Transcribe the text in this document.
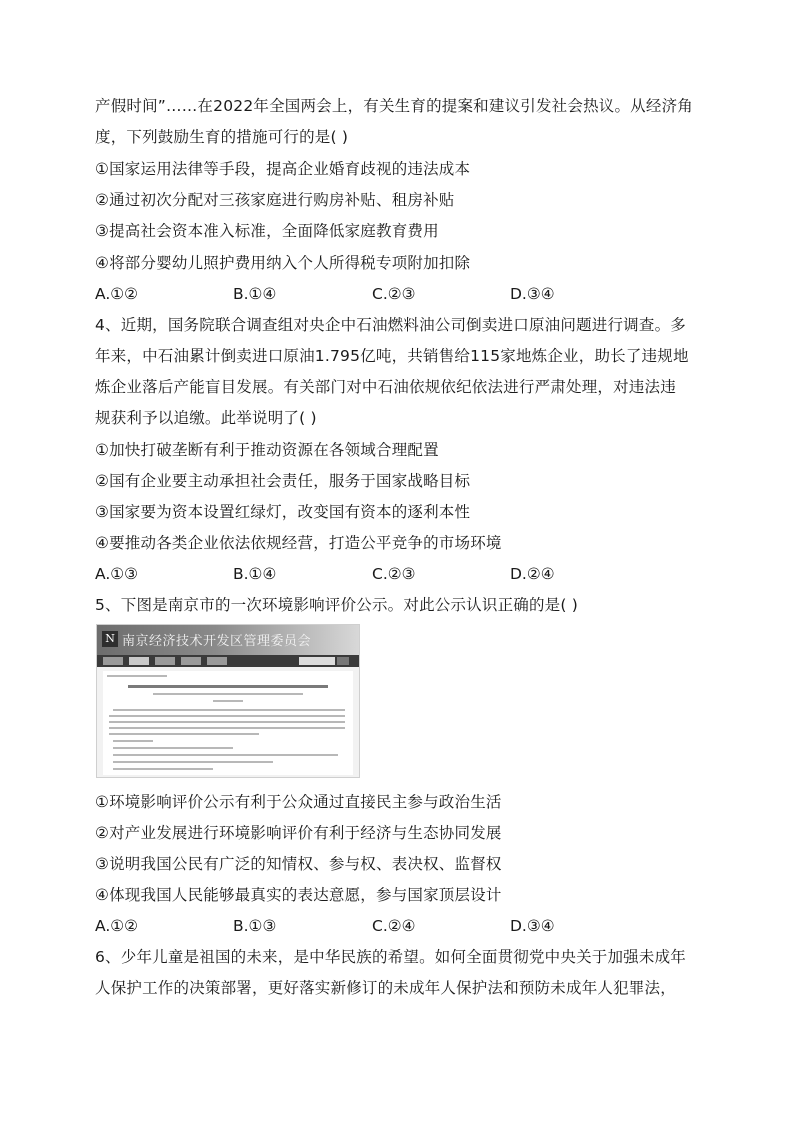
产假时间”……在2022年全国两会上，有关生育的提案和建议引发社会热议。从经济角
度，下列鼓励生育的措施可行的是( )
①国家运用法律等手段，提高企业婚育歧视的违法成本
②通过初次分配对三孩家庭进行购房补贴、租房补贴
③提高社会资本准入标准，全面降低家庭教育费用
④将部分婴幼儿照护费用纳入个人所得税专项附加扣除
A.①②	B.①④	C.②③	D.③④
4、近期，国务院联合调查组对央企中石油燃料油公司倒卖进口原油问题进行调查。多
年来，中石油累计倒卖进口原油1.795亿吨，共销售给115家地炼企业，助长了违规地
炼企业落后产能盲目发展。有关部门对中石油依规依纪依法进行严肃处理，对违法违
规获利予以追缴。此举说明了( )
①加快打破垄断有利于推动资源在各领域合理配置
②国有企业要主动承担社会责任，服务于国家战略目标
③国家要为资本设置红绿灯，改变国有资本的逐利本性
④要推动各类企业依法依规经营，打造公平竞争的市场环境
A.①③	B.①④	C.②③	D.②④
5、下图是南京市的一次环境影响评价公示。对此公示认识正确的是( )
N 南京经济技术开发区管理委员会
①环境影响评价公示有利于公众通过直接民主参与政治生活
②对产业发展进行环境影响评价有利于经济与生态协同发展
③说明我国公民有广泛的知情权、参与权、表决权、监督权
④体现我国人民能够最真实的表达意愿，参与国家顶层设计
A.①②	B.①③	C.②④	D.③④
6、少年儿童是祖国的未来，是中华民族的希望。如何全面贯彻党中央关于加强未成年
人保护工作的决策部署，更好落实新修订的未成年人保护法和预防未成年人犯罪法，
